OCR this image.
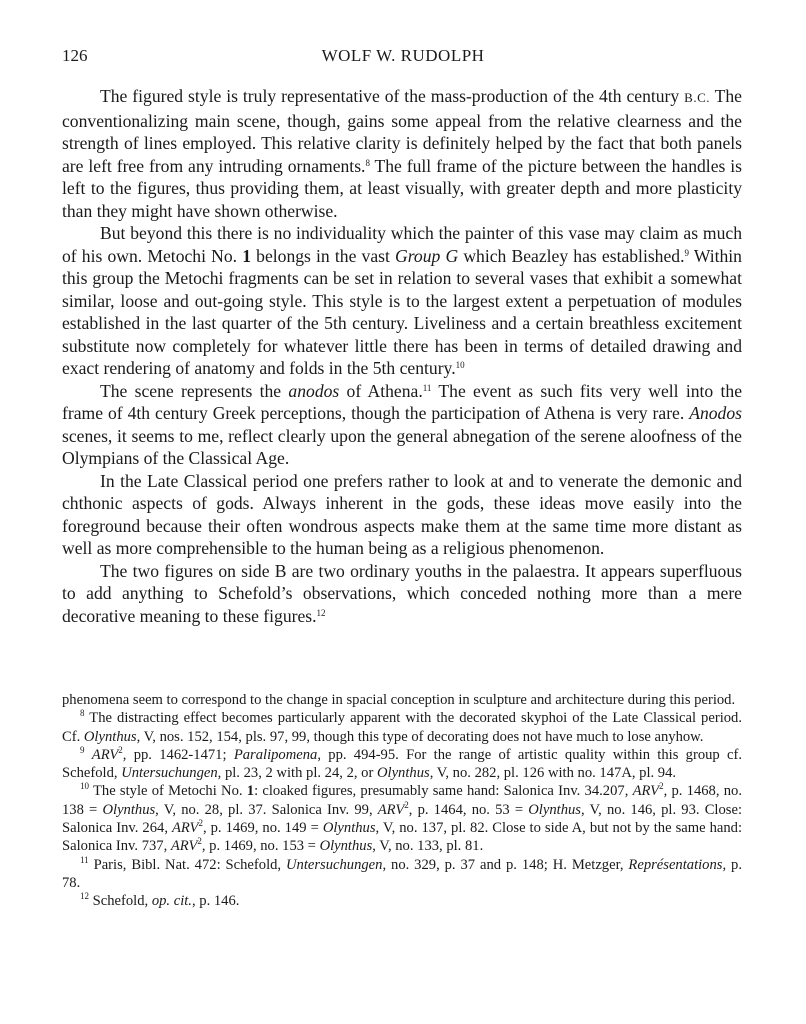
126	WOLF W. RUDOLPH

The figured style is truly representative of the mass-production of the 4th century B.C. The conventionalizing main scene, though, gains some appeal from the relative clearness and the strength of lines employed. This relative clarity is definitely helped by the fact that both panels are left free from any intruding ornaments.$^8$ The full frame of the picture between the handles is left to the figures, thus providing them, at least visually, with greater depth and more plasticity than they might have shown otherwise.

But beyond this there is no individuality which the painter of this vase may claim as much of his own. Metochi No. 1 belongs in the vast Group G which Beazley has established.$^9$ Within this group the Metochi fragments can be set in relation to several vases that exhibit a somewhat similar, loose and out-going style. This style is to the largest extent a perpetuation of modules established in the last quarter of the 5th century. Liveliness and a certain breathless excitement substitute now completely for whatever little there has been in terms of detailed drawing and exact rendering of anatomy and folds in the 5th century.$^{10}$

The scene represents the anodos of Athena.$^{11}$ The event as such fits very well into the frame of 4th century Greek perceptions, though the participation of Athena is very rare. Anodos scenes, it seems to me, reflect clearly upon the general abnegation of the serene aloofness of the Olympians of the Classical Age.

In the Late Classical period one prefers rather to look at and to venerate the demonic and chthonic aspects of gods. Always inherent in the gods, these ideas move easily into the foreground because their often wondrous aspects make them at the same time more distant as well as more comprehensible to the human being as a religious phenomenon.

The two figures on side B are two ordinary youths in the palaestra. It appears superfluous to add anything to Schefold’s observations, which conceded nothing more than a mere decorative meaning to these figures.$^{12}$

phenomena seem to correspond to the change in spacial conception in sculpture and architecture during this period.

$^8$ The distracting effect becomes particularly apparent with the decorated skyphoi of the Late Classical period. Cf. Olynthus, V, nos. 152, 154, pls. 97, 99, though this type of decorating does not have much to lose anyhow.

$^9$ ARV$^2$, pp. 1462-1471; Paralipomena, pp. 494-95. For the range of artistic quality within this group cf. Schefold, Untersuchungen, pl. 23, 2 with pl. 24, 2, or Olynthus, V, no. 282, pl. 126 with no. 147A, pl. 94.

$^{10}$ The style of Metochi No. 1: cloaked figures, presumably same hand: Salonica Inv. 34.207, ARV$^2$, p. 1468, no. 138 = Olynthus, V, no. 28, pl. 37. Salonica Inv. 99, ARV$^2$, p. 1464, no. 53 = Olynthus, V, no. 146, pl. 93. Close: Salonica Inv. 264, ARV$^2$, p. 1469, no. 149 = Olynthus, V, no. 137, pl. 82. Close to side A, but not by the same hand: Salonica Inv. 737, ARV$^2$, p. 1469, no. 153 = Olynthus, V, no. 133, pl. 81.

$^{11}$ Paris, Bibl. Nat. 472: Schefold, Untersuchungen, no. 329, p. 37 and p. 148; H. Metzger, Représentations, p. 78.

$^{12}$ Schefold, op. cit., p. 146.
